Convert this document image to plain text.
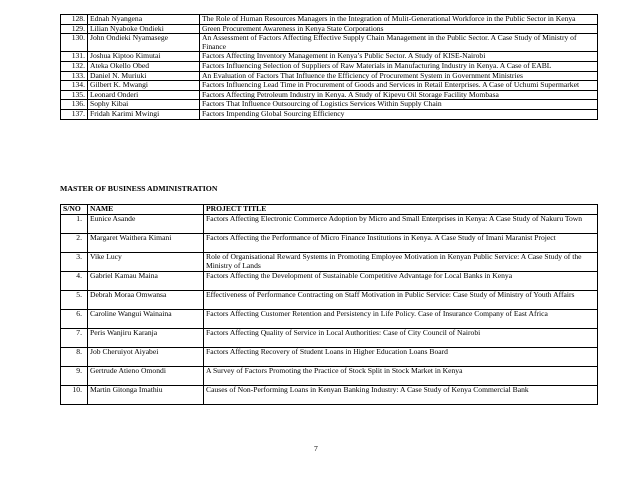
128.	Ednah Nyangena	The Role of Human Resources Managers in the Integration of Mulit-Generational Workforce in the Public Sector in Kenya
129.	Lilian Nyaboke Ondieki	Green Procurement Awareness in Kenya State Corporations
130.	John Ondieki Nyamasege	An Assessment of Factors Affecting Effective Supply Chain Management in the Public Sector. A Case Study of Ministry of Finance
131.	Joshua Kiptoo Kimutai	Factors Affecting Inventory Management in Kenya’s Public Sector. A Study of KISE-Nairobi
132.	Ateka Okello Obed	Factors Influencing Selection of Suppliers of Raw Materials in Manufacturing Industry in Kenya. A Case of EABL
133.	Daniel N. Muriuki	An Evaluation of Factors That Influence the Efficiency of Procurement System in Government Ministries
134.	Gilbert K. Mwangi	Factors Influencing Lead Time in Procurement of Goods and Services in Retail Enterprises. A Case of Uchumi Supermarket
135.	Leonard Onderi	Factors Affecting Petroleum Industry in Kenya. A Study of Kipevu Oil Storage Facility Mombasa
136.	Sophy Kibai	Factors That Influence Outsourcing of Logistics Services Within Supply Chain
137.	Fridah Karimi Mwingi	Factors Impending Global Sourcing Efficiency
MASTER OF BUSINESS ADMINISTRATION
S/NO	NAME	PROJECT TITLE
1.	Eunice Asande	Factors Affecting Electronic Commerce Adoption by Micro and Small Enterprises in Kenya: A Case Study of Nakuru Town
2.	Margaret Waithera Kimani	Factors Affecting the Performance of Micro Finance Institutions in Kenya. A Case Study of Imani Maranist Project
3.	Vike Lucy	Role of Organisational Reward Systems in Promoting Employee Motivation in Kenyan Public Service: A Case Study of the Ministry of Lands
4.	Gabriel Kamau Maina	Factors Affecting the Development of Sustainable Competitive Advantage for Local Banks in Kenya
5.	Debrah Moraa Omwansa	Effectiveness of Performance Contracting on Staff Motivation in Public Service: Case Study of Ministry of Youth Affairs
6.	Caroline Wangui Wainaina	Factors Affecting Customer Retention and Persistency in Life Policy. Case of Insurance Company of East Africa
7.	Peris Wanjiru Karanja	Factors Affecting Quality of Service in Local Authorities: Case of City Council of Nairobi
8.	Job Cheruiyot Aiyabei	Factors Affecting Recovery of Student Loans in Higher Education Loans Board
9.	Gertrude Atieno Omondi	A Survey of Factors Promoting the Practice of Stock Split in Stock Market in Kenya
10.	Martin Gitonga Imathiu	Causes of Non-Performing Loans in Kenyan Banking Industry: A Case Study of Kenya Commercial Bank
7
